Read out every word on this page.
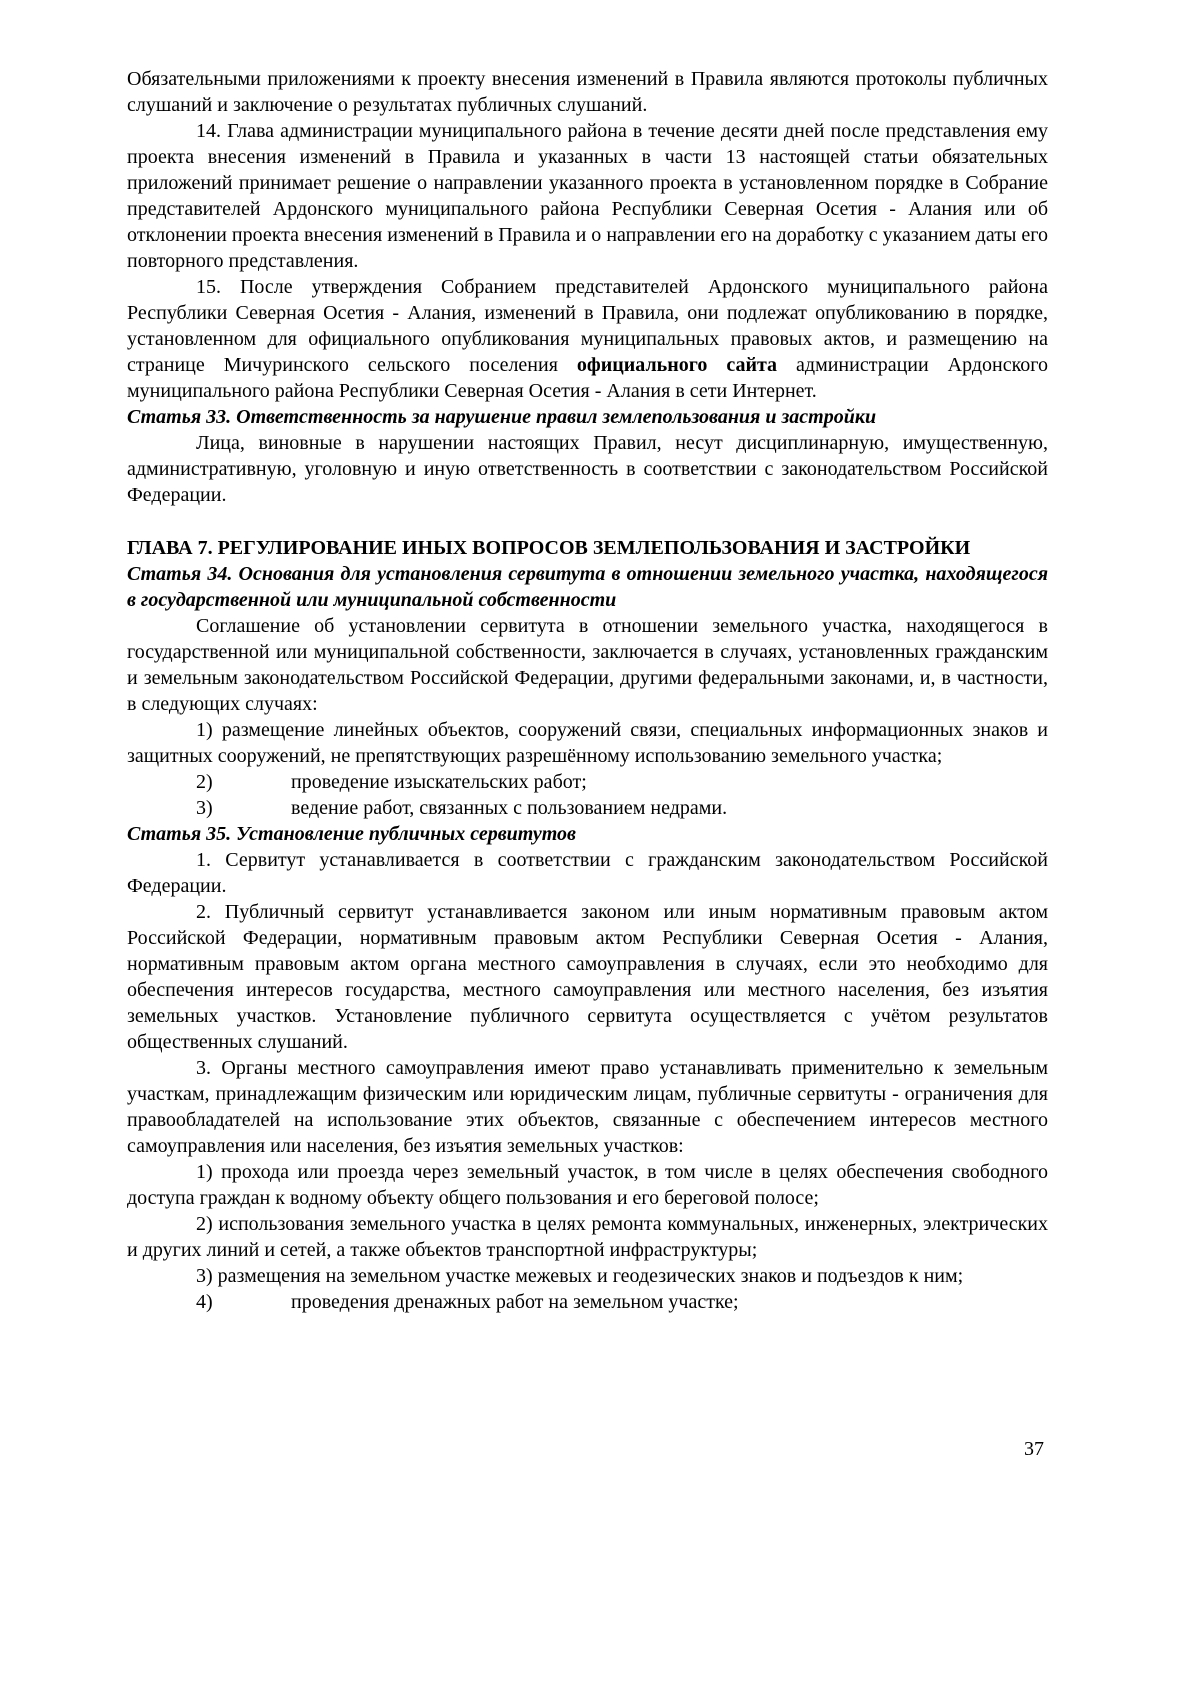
Обязательными приложениями к проекту внесения изменений в Правила являются протоколы публичных слушаний и заключение о результатах публичных слушаний.

14. Глава администрации муниципального района в течение десяти дней после представления ему проекта внесения изменений в Правила и указанных в части 13 настоящей статьи обязательных приложений принимает решение о направлении указанного проекта в установленном порядке в Собрание представителей Ардонского муниципального района Республики Северная Осетия - Алания или об отклонении проекта внесения изменений в Правила и о направлении его на доработку с указанием даты его повторного представления.

15. После утверждения Собранием представителей Ардонского муниципального района Республики Северная Осетия - Алания, изменений в Правила, они подлежат опубликованию в порядке, установленном для официального опубликования муниципальных правовых актов, и размещению на странице Мичуринского сельского поселения официального сайта администрации Ардонского муниципального района Республики Северная Осетия - Алания в сети Интернет.

Статья 33. Ответственность за нарушение правил землепользования и застройки

Лица, виновные в нарушении настоящих Правил, несут дисциплинарную, имущественную, административную, уголовную и иную ответственность в соответствии с законодательством Российской Федерации.

ГЛАВА 7. РЕГУЛИРОВАНИЕ ИНЫХ ВОПРОСОВ ЗЕМЛЕПОЛЬЗОВАНИЯ И ЗАСТРОЙКИ

Статья 34. Основания для установления сервитута в отношении земельного участка, находящегося в государственной или муниципальной собственности

Соглашение об установлении сервитута в отношении земельного участка, находящегося в государственной или муниципальной собственности, заключается в случаях, установленных гражданским и земельным законодательством Российской Федерации, другими федеральными законами, и, в частности, в следующих случаях:

1) размещение линейных объектов, сооружений связи, специальных информационных знаков и защитных сооружений, не препятствующих разрешённому использованию земельного участка;

2)	проведение изыскательских работ;

3)	ведение работ, связанных с пользованием недрами.

Статья 35. Установление публичных сервитутов

1. Сервитут устанавливается в соответствии с гражданским законодательством Российской Федерации.

2. Публичный сервитут устанавливается законом или иным нормативным правовым актом Российской Федерации, нормативным правовым актом Республики Северная Осетия - Алания, нормативным правовым актом органа местного самоуправления в случаях, если это необходимо для обеспечения интересов государства, местного самоуправления или местного населения, без изъятия земельных участков. Установление публичного сервитута осуществляется с учётом результатов общественных слушаний.

3. Органы местного самоуправления имеют право устанавливать применительно к земельным участкам, принадлежащим физическим или юридическим лицам, публичные сервитуты - ограничения для правообладателей на использование этих объектов, связанные с обеспечением интересов местного самоуправления или населения, без изъятия земельных участков:

1) прохода или проезда через земельный участок, в том числе в целях обеспечения свободного доступа граждан к водному объекту общего пользования и его береговой полосе;

2) использования земельного участка в целях ремонта коммунальных, инженерных, электрических и других линий и сетей, а также объектов транспортной инфраструктуры;

3) размещения на земельном участке межевых и геодезических знаков и подъездов к ним;

4)	проведения дренажных работ на земельном участке;

37
